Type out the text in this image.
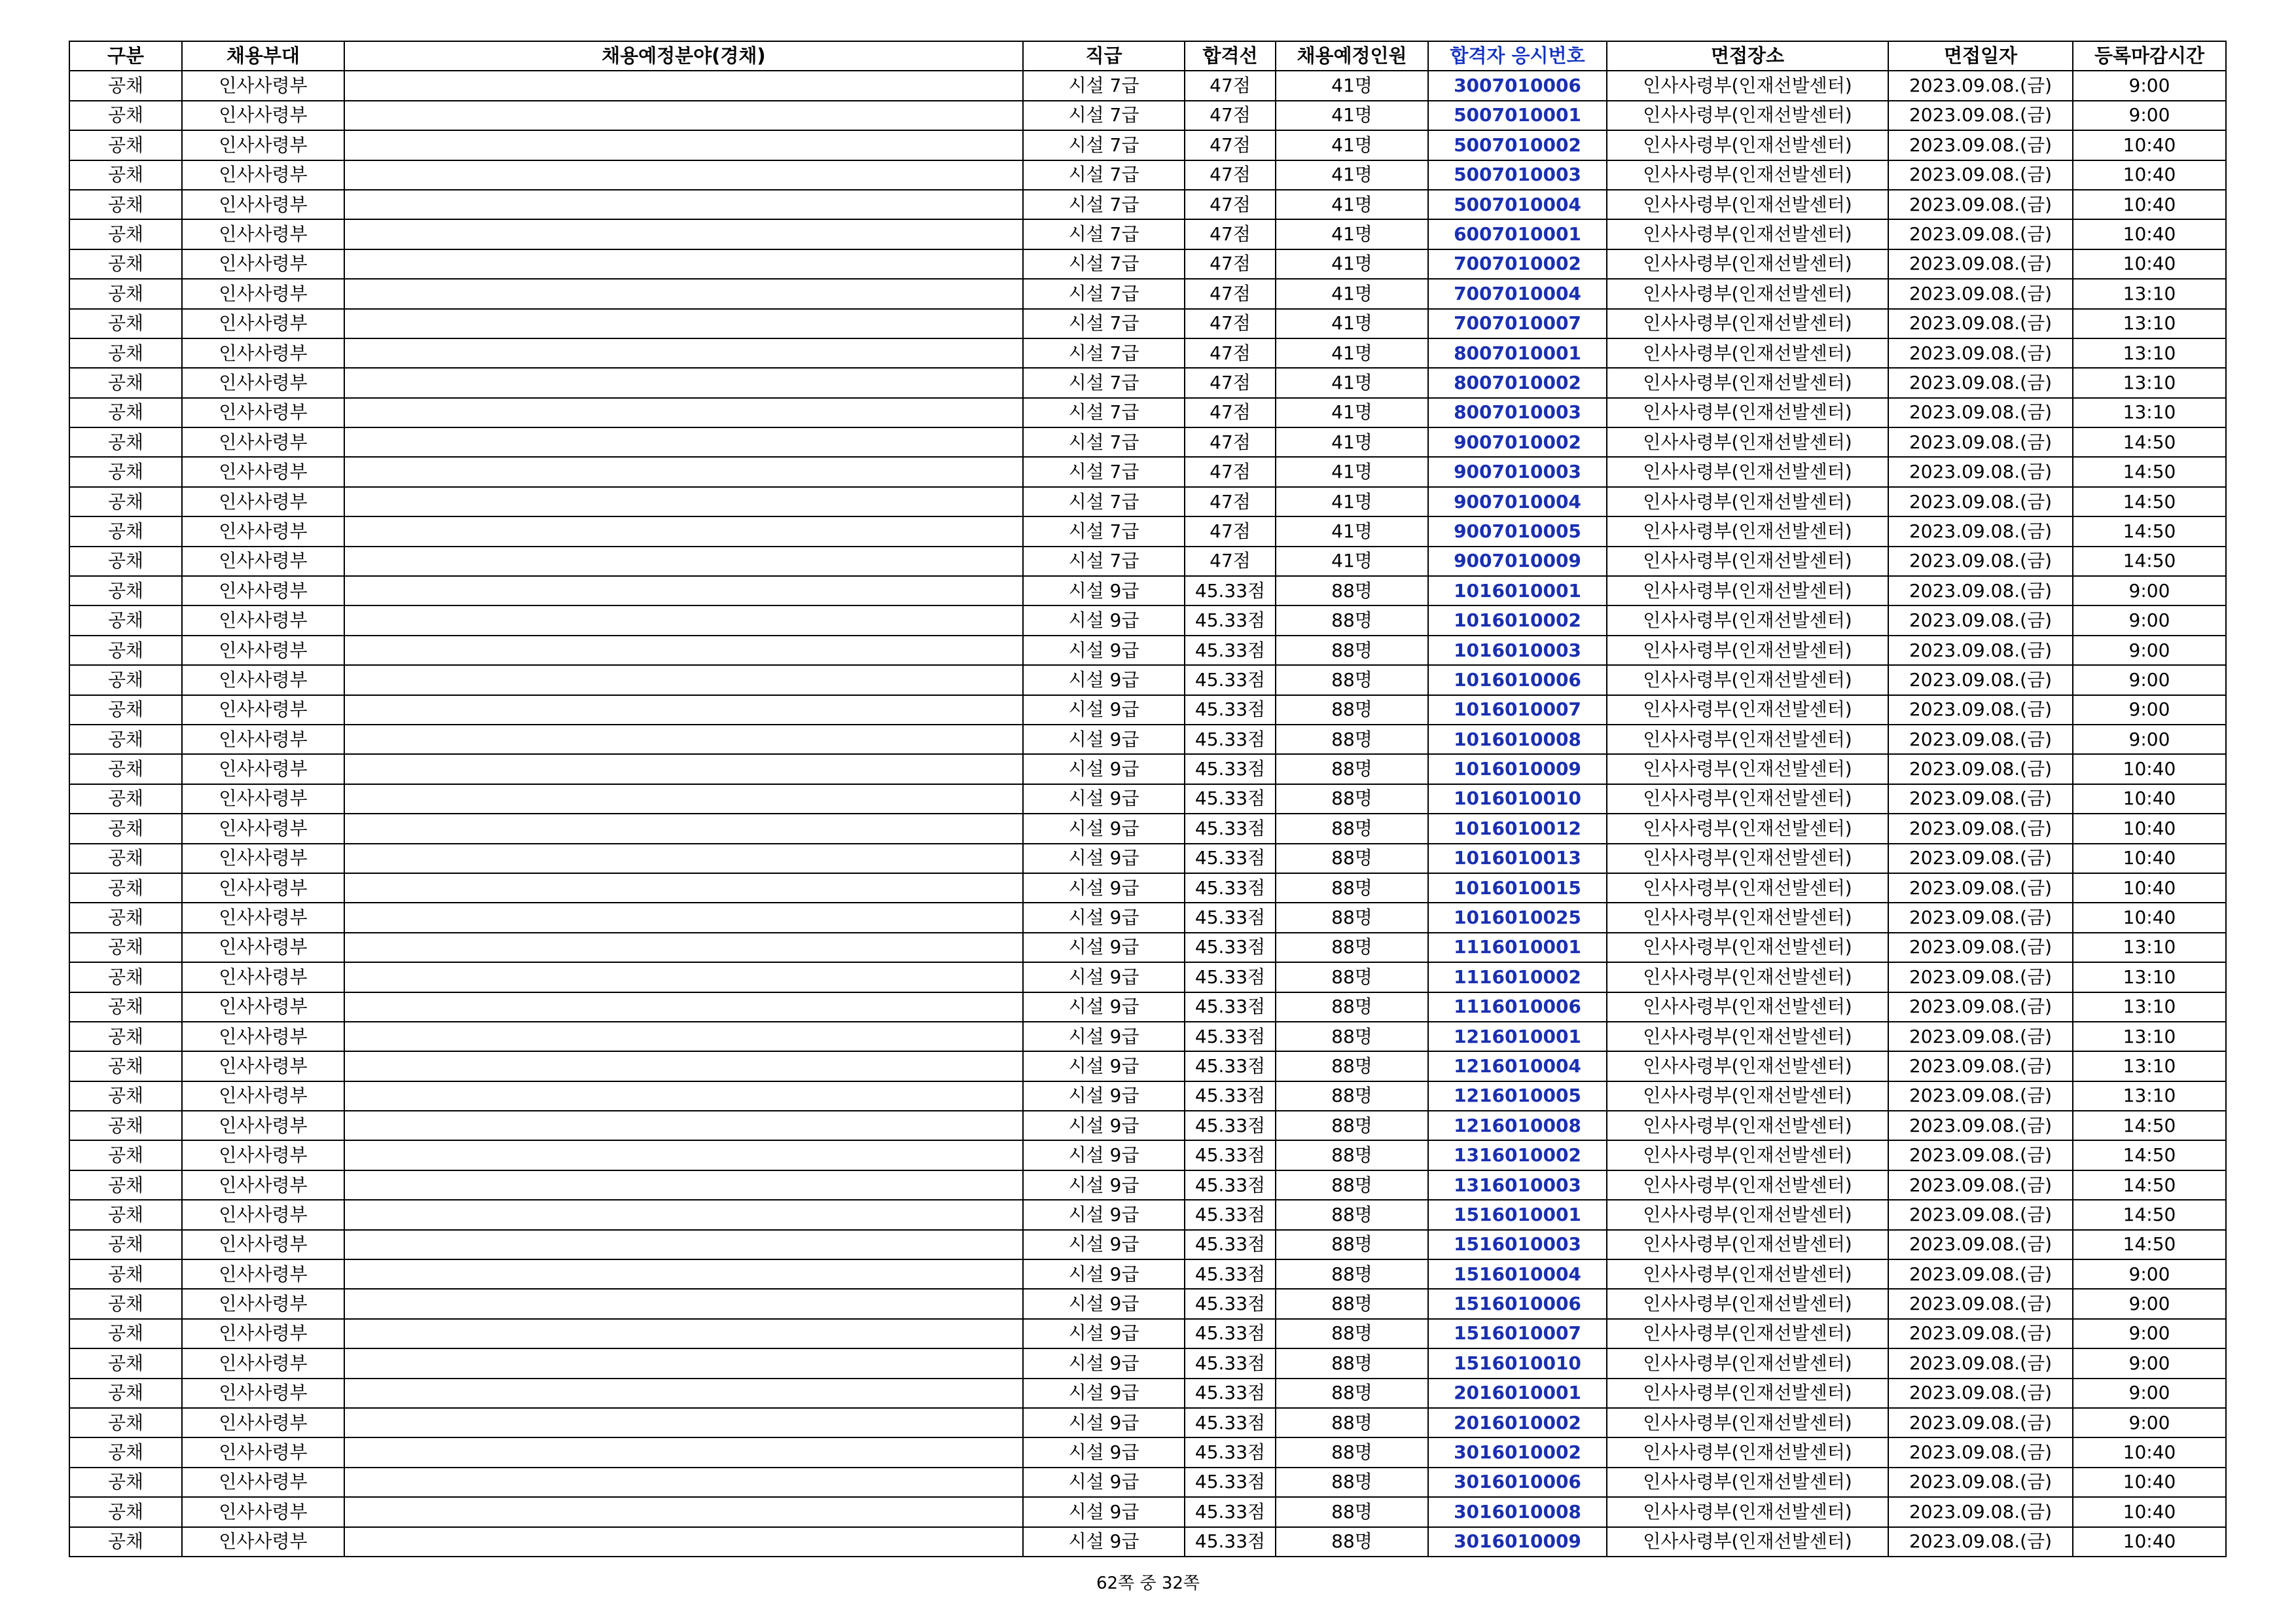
구분	채용부대	채용예정분야(경채)	직급	합격선	채용예정인원	합격자 응시번호	면접장소	면접일자	등록마감시간
공채	인사사령부		시설 7급	47점	41명	3007010006	인사사령부(인재선발센터)	2023.09.08.(금)	9:00
공채	인사사령부		시설 7급	47점	41명	5007010001	인사사령부(인재선발센터)	2023.09.08.(금)	9:00
공채	인사사령부		시설 7급	47점	41명	5007010002	인사사령부(인재선발센터)	2023.09.08.(금)	10:40
공채	인사사령부		시설 7급	47점	41명	5007010003	인사사령부(인재선발센터)	2023.09.08.(금)	10:40
공채	인사사령부		시설 7급	47점	41명	5007010004	인사사령부(인재선발센터)	2023.09.08.(금)	10:40
공채	인사사령부		시설 7급	47점	41명	6007010001	인사사령부(인재선발센터)	2023.09.08.(금)	10:40
공채	인사사령부		시설 7급	47점	41명	7007010002	인사사령부(인재선발센터)	2023.09.08.(금)	10:40
공채	인사사령부		시설 7급	47점	41명	7007010004	인사사령부(인재선발센터)	2023.09.08.(금)	13:10
공채	인사사령부		시설 7급	47점	41명	7007010007	인사사령부(인재선발센터)	2023.09.08.(금)	13:10
공채	인사사령부		시설 7급	47점	41명	8007010001	인사사령부(인재선발센터)	2023.09.08.(금)	13:10
공채	인사사령부		시설 7급	47점	41명	8007010002	인사사령부(인재선발센터)	2023.09.08.(금)	13:10
공채	인사사령부		시설 7급	47점	41명	8007010003	인사사령부(인재선발센터)	2023.09.08.(금)	13:10
공채	인사사령부		시설 7급	47점	41명	9007010002	인사사령부(인재선발센터)	2023.09.08.(금)	14:50
공채	인사사령부		시설 7급	47점	41명	9007010003	인사사령부(인재선발센터)	2023.09.08.(금)	14:50
공채	인사사령부		시설 7급	47점	41명	9007010004	인사사령부(인재선발센터)	2023.09.08.(금)	14:50
공채	인사사령부		시설 7급	47점	41명	9007010005	인사사령부(인재선발센터)	2023.09.08.(금)	14:50
공채	인사사령부		시설 7급	47점	41명	9007010009	인사사령부(인재선발센터)	2023.09.08.(금)	14:50
공채	인사사령부		시설 9급	45.33점	88명	1016010001	인사사령부(인재선발센터)	2023.09.08.(금)	9:00
공채	인사사령부		시설 9급	45.33점	88명	1016010002	인사사령부(인재선발센터)	2023.09.08.(금)	9:00
공채	인사사령부		시설 9급	45.33점	88명	1016010003	인사사령부(인재선발센터)	2023.09.08.(금)	9:00
공채	인사사령부		시설 9급	45.33점	88명	1016010006	인사사령부(인재선발센터)	2023.09.08.(금)	9:00
공채	인사사령부		시설 9급	45.33점	88명	1016010007	인사사령부(인재선발센터)	2023.09.08.(금)	9:00
공채	인사사령부		시설 9급	45.33점	88명	1016010008	인사사령부(인재선발센터)	2023.09.08.(금)	9:00
공채	인사사령부		시설 9급	45.33점	88명	1016010009	인사사령부(인재선발센터)	2023.09.08.(금)	10:40
공채	인사사령부		시설 9급	45.33점	88명	1016010010	인사사령부(인재선발센터)	2023.09.08.(금)	10:40
공채	인사사령부		시설 9급	45.33점	88명	1016010012	인사사령부(인재선발센터)	2023.09.08.(금)	10:40
공채	인사사령부		시설 9급	45.33점	88명	1016010013	인사사령부(인재선발센터)	2023.09.08.(금)	10:40
공채	인사사령부		시설 9급	45.33점	88명	1016010015	인사사령부(인재선발센터)	2023.09.08.(금)	10:40
공채	인사사령부		시설 9급	45.33점	88명	1016010025	인사사령부(인재선발센터)	2023.09.08.(금)	10:40
공채	인사사령부		시설 9급	45.33점	88명	1116010001	인사사령부(인재선발센터)	2023.09.08.(금)	13:10
공채	인사사령부		시설 9급	45.33점	88명	1116010002	인사사령부(인재선발센터)	2023.09.08.(금)	13:10
공채	인사사령부		시설 9급	45.33점	88명	1116010006	인사사령부(인재선발센터)	2023.09.08.(금)	13:10
공채	인사사령부		시설 9급	45.33점	88명	1216010001	인사사령부(인재선발센터)	2023.09.08.(금)	13:10
공채	인사사령부		시설 9급	45.33점	88명	1216010004	인사사령부(인재선발센터)	2023.09.08.(금)	13:10
공채	인사사령부		시설 9급	45.33점	88명	1216010005	인사사령부(인재선발센터)	2023.09.08.(금)	13:10
공채	인사사령부		시설 9급	45.33점	88명	1216010008	인사사령부(인재선발센터)	2023.09.08.(금)	14:50
공채	인사사령부		시설 9급	45.33점	88명	1316010002	인사사령부(인재선발센터)	2023.09.08.(금)	14:50
공채	인사사령부		시설 9급	45.33점	88명	1316010003	인사사령부(인재선발센터)	2023.09.08.(금)	14:50
공채	인사사령부		시설 9급	45.33점	88명	1516010001	인사사령부(인재선발센터)	2023.09.08.(금)	14:50
공채	인사사령부		시설 9급	45.33점	88명	1516010003	인사사령부(인재선발센터)	2023.09.08.(금)	14:50
공채	인사사령부		시설 9급	45.33점	88명	1516010004	인사사령부(인재선발센터)	2023.09.08.(금)	9:00
공채	인사사령부		시설 9급	45.33점	88명	1516010006	인사사령부(인재선발센터)	2023.09.08.(금)	9:00
공채	인사사령부		시설 9급	45.33점	88명	1516010007	인사사령부(인재선발센터)	2023.09.08.(금)	9:00
공채	인사사령부		시설 9급	45.33점	88명	1516010010	인사사령부(인재선발센터)	2023.09.08.(금)	9:00
공채	인사사령부		시설 9급	45.33점	88명	2016010001	인사사령부(인재선발센터)	2023.09.08.(금)	9:00
공채	인사사령부		시설 9급	45.33점	88명	2016010002	인사사령부(인재선발센터)	2023.09.08.(금)	9:00
공채	인사사령부		시설 9급	45.33점	88명	3016010002	인사사령부(인재선발센터)	2023.09.08.(금)	10:40
공채	인사사령부		시설 9급	45.33점	88명	3016010006	인사사령부(인재선발센터)	2023.09.08.(금)	10:40
공채	인사사령부		시설 9급	45.33점	88명	3016010008	인사사령부(인재선발센터)	2023.09.08.(금)	10:40
공채	인사사령부		시설 9급	45.33점	88명	3016010009	인사사령부(인재선발센터)	2023.09.08.(금)	10:40
62쪽 중 32쪽
